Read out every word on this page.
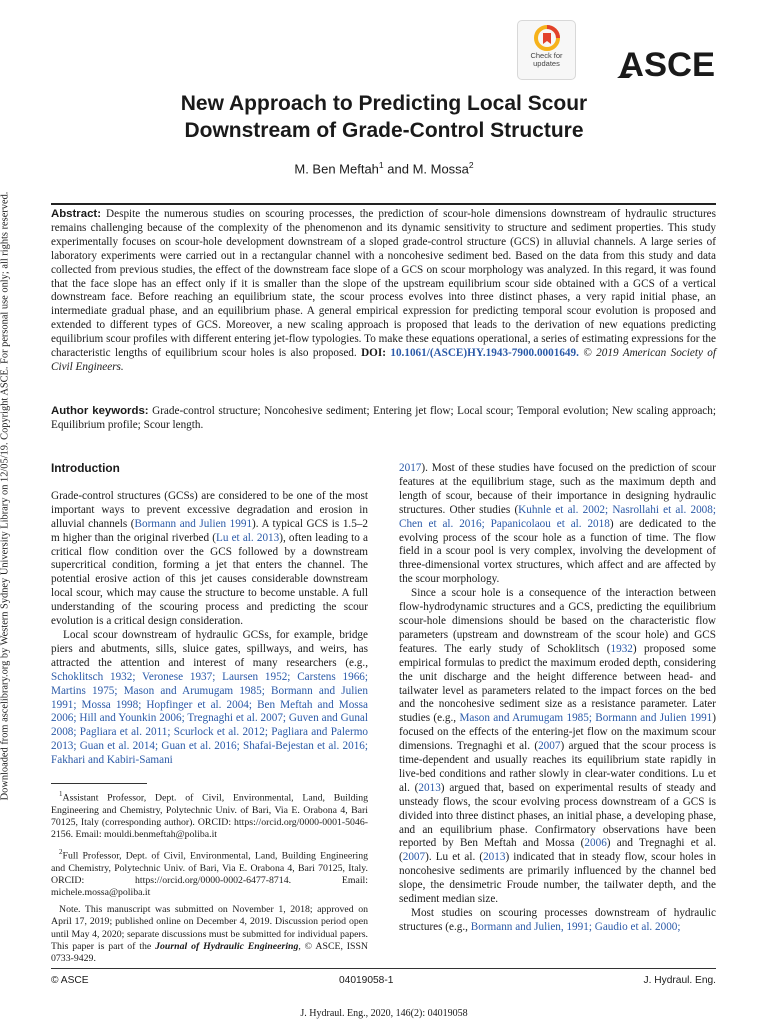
Downloaded from ascelibrary.org by Western Sydney University Library on 12/05/19. Copyright ASCE. For personal use only; all rights reserved.
Check for
updates	ASCE
New Approach to Predicting Local Scour
Downstream of Grade-Control Structure
M. Ben Meftah$^1$ and M. Mossa$^2$
Abstract: Despite the numerous studies on scouring processes, the prediction of scour-hole dimensions downstream of hydraulic structures remains challenging because of the complexity of the phenomenon and its dynamic sensitivity to structure and sediment properties. This study experimentally focuses on scour-hole development downstream of a sloped grade-control structure (GCS) in alluvial channels. A large series of laboratory experiments were carried out in a rectangular channel with a noncohesive sediment bed. Based on the data from this study and data collected from previous studies, the effect of the downstream face slope of a GCS on scour morphology was analyzed. In this regard, it was found that the face slope has an effect only if it is smaller than the slope of the upstream equilibrium scour side obtained with a GCS of a vertical downstream face. Before reaching an equilibrium state, the scour process evolves into three distinct phases, a very rapid initial phase, an intermediate gradual phase, and an equilibrium phase. A general empirical expression for predicting temporal scour evolution is proposed and extended to different types of GCS. Moreover, a new scaling approach is proposed that leads to the derivation of new equations predicting equilibrium scour profiles with different entering jet-flow typologies. To make these equations operational, a series of estimating expressions for the characteristic lengths of equilibrium scour holes is also proposed. DOI: 10.1061/(ASCE)HY.1943-7900.0001649. © 2019 American Society of Civil Engineers.
Author keywords: Grade-control structure; Noncohesive sediment; Entering jet flow; Local scour; Temporal evolution; New scaling approach; Equilibrium profile; Scour length.
Introduction

Grade-control structures (GCSs) are considered to be one of the most important ways to prevent excessive degradation and erosion in alluvial channels (Bormann and Julien 1991). A typical GCS is 1.5–2 m higher than the original riverbed (Lu et al. 2013), often leading to a critical flow condition over the GCS followed by a downstream supercritical condition, forming a jet that enters the channel. The potential erosive action of this jet causes considerable downstream local scour, which may cause the structure to become unstable. A full understanding of the scouring process and predicting the scour evolution is a critical design consideration.

Local scour downstream of hydraulic GCSs, for example, bridge piers and abutments, sills, sluice gates, spillways, and weirs, has attracted the attention and interest of many researchers (e.g., Schoklitsch 1932; Veronese 1937; Laursen 1952; Carstens 1966; Martins 1975; Mason and Arumugam 1985; Bormann and Julien 1991; Mossa 1998; Hopfinger et al. 2004; Ben Meftah and Mossa 2006; Hill and Younkin 2006; Tregnaghi et al. 2007; Guven and Gunal 2008; Pagliara et al. 2011; Scurlock et al. 2012; Pagliara and Palermo 2013; Guan et al. 2014; Guan et al. 2016; Shafai-Bejestan et al. 2016; Fakhari and Kabiri-Samani

$^1$Assistant Professor, Dept. of Civil, Environmental, Land, Building Engineering and Chemistry, Polytechnic Univ. of Bari, Via E. Orabona 4, Bari 70125, Italy (corresponding author). ORCID: https://orcid.org/0000-0001-5046-2156. Email: mouldi.benmeftah@poliba.it

$^2$Full Professor, Dept. of Civil, Environmental, Land, Building Engineering and Chemistry, Polytechnic Univ. of Bari, Via E. Orabona 4, Bari 70125, Italy. ORCID: https://orcid.org/0000-0002-6477-8714. Email: michele.mossa@poliba.it

Note. This manuscript was submitted on November 1, 2018; approved on April 17, 2019; published online on December 4, 2019. Discussion period open until May 4, 2020; separate discussions must be submitted for individual papers. This paper is part of the Journal of Hydraulic Engineering, © ASCE, ISSN 0733-9429.

2017). Most of these studies have focused on the prediction of scour features at the equilibrium stage, such as the maximum depth and length of scour, because of their importance in designing hydraulic structures. Other studies (Kuhnle et al. 2002; Nasrollahi et al. 2008; Chen et al. 2016; Papanicolaou et al. 2018) are dedicated to the evolving process of the scour hole as a function of time. The flow field in a scour pool is very complex, involving the development of three-dimensional vortex structures, which affect and are affected by the scour morphology.

Since a scour hole is a consequence of the interaction between flow-hydrodynamic structures and a GCS, predicting the equilibrium scour-hole dimensions should be based on the characteristic flow parameters (upstream and downstream of the scour hole) and GCS features. The early study of Schoklitsch (1932) proposed some empirical formulas to predict the maximum eroded depth, considering the unit discharge and the height difference between head- and tailwater level as parameters related to the impact forces on the bed and the noncohesive sediment size as a resistance parameter. Later studies (e.g., Mason and Arumugam 1985; Bormann and Julien 1991) focused on the effects of the entering-jet flow on the maximum scour dimensions. Tregnaghi et al. (2007) argued that the scour process is time-dependent and usually reaches its equilibrium state rapidly in live-bed conditions and rather slowly in clear-water conditions. Lu et al. (2013) argued that, based on experimental results of steady and unsteady flows, the scour evolving process downstream of a GCS is divided into three distinct phases, an initial phase, a developing phase, and an equilibrium phase. Confirmatory observations have been reported by Ben Meftah and Mossa (2006) and Tregnaghi et al. (2007). Lu et al. (2013) indicated that in steady flow, scour holes in noncohesive sediments are primarily influenced by the channel bed slope, the densimetric Froude number, the tailwater depth, and the sediment median size.

Most studies on scouring processes downstream of hydraulic structures (e.g., Bormann and Julien, 1991; Gaudio et al. 2000;

© ASCE	04019058-1	J. Hydraul. Eng.
J. Hydraul. Eng., 2020, 146(2): 04019058
